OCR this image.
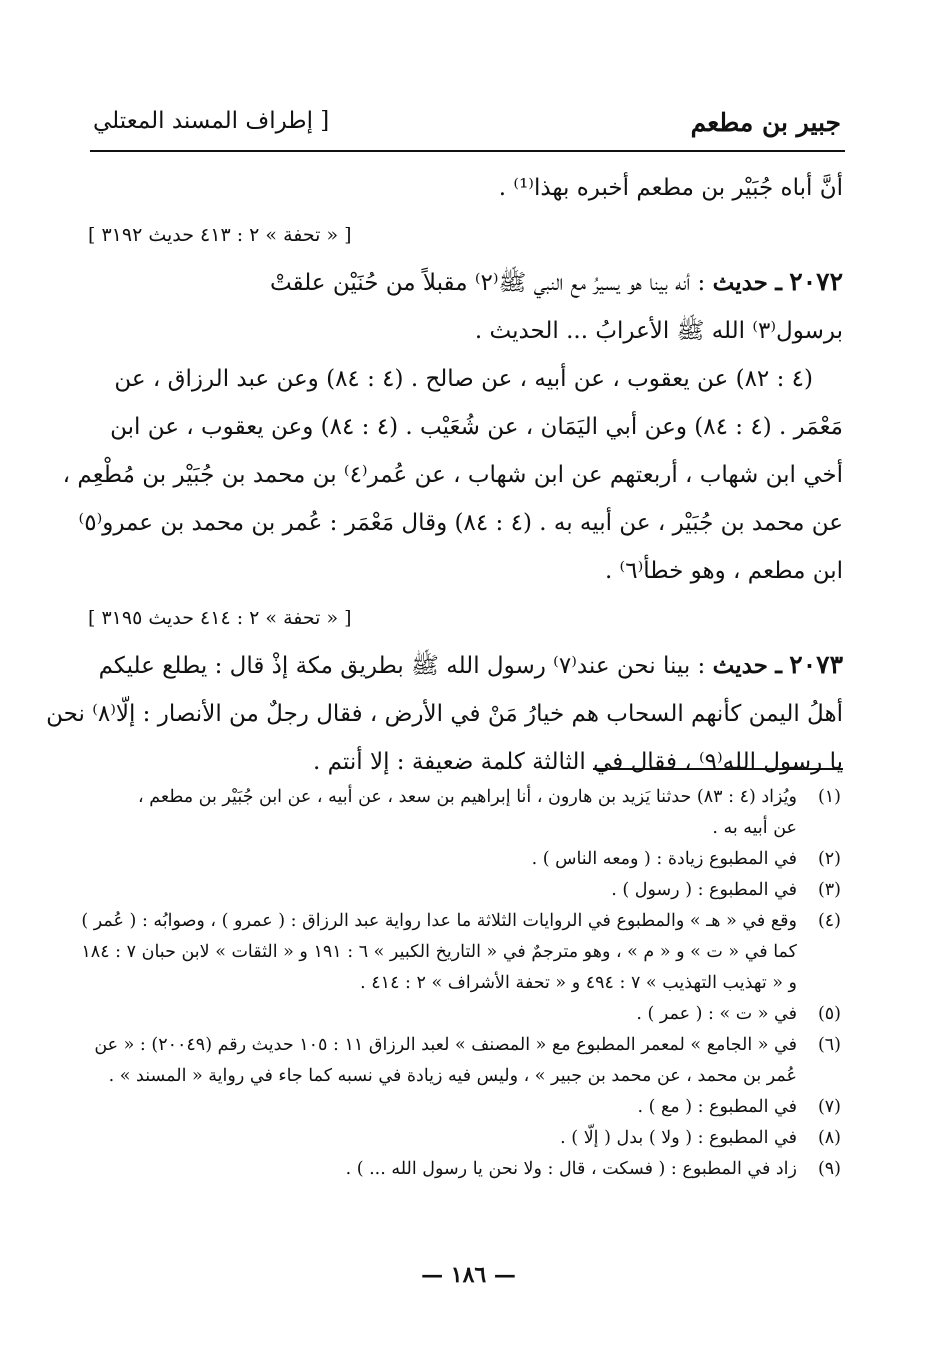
جبير بن مطعم
[ إطراف المسند المعتلي
أنَّ أباه جُبَيْر بن مطعم أخبره بهذا⁽¹⁾ .
[ « تحفة » ٢ : ٤١٣ حديث ٣١٩٢ ]
٢٠٧٢ ـ حديث : أنه بينا هو يسيرُ مع النبي ﷺ⁽٢⁾ مقبلاً من حُنَيْن علقتْ
برسول⁽٣⁾ الله ﷺ الأعرابُ ... الحديث .
(٤ : ٨٢) عن يعقوب ، عن أبيه ، عن صالح . (٤ : ٨٤) وعن عبد الرزاق ، عن
مَعْمَر . (٤ : ٨٤) وعن أبي اليَمَان ، عن شُعَيْب . (٤ : ٨٤) وعن يعقوب ، عن ابن
أخي ابن شهاب ، أربعتهم عن ابن شهاب ، عن عُمر⁽٤⁾ بن محمد بن جُبَيْر بن مُطْعِم ،
عن محمد بن جُبَيْر ، عن أبيه به . (٤ : ٨٤) وقال مَعْمَر : عُمر بن محمد بن عمرو⁽٥⁾
ابن مطعم ، وهو خطأ⁽٦⁾ .
[ « تحفة » ٢ : ٤١٤ حديث ٣١٩٥ ]
٢٠٧٣ ـ حديث : بينا نحن عند⁽٧⁾ رسول الله ﷺ بطريق مكة إذْ قال : يطلع عليكم
أهلُ اليمن كأنهم السحاب هم خيارُ مَنْ في الأرض ، فقال رجلٌ من الأنصار : إلّا⁽٨⁾ نحن
يا رسول الله⁽٩⁾ ، فقال في الثالثة كلمة ضعيفة : إلا أنتم .
(١)
ويُزاد (٤ : ٨٣) حدثنا يَزيد بن هارون ، أنا إبراهيم بن سعد ، عن أبيه ، عن ابن جُبَيْر بن مطعم ،
عن أبيه به .
(٢)
في المطبوع زيادة : ( ومعه الناس ) .
(٣)
في المطبوع : ( رسول ) .
(٤)
وقع في « هـ » والمطبوع في الروايات الثلاثة ما عدا رواية عبد الرزاق : ( عمرو ) ، وصوابُه : ( عُمر )
كما في « ت » و « م » ، وهو مترجمٌ في « التاريخ الكبير » ٦ : ١٩١ و « الثقات » لابن حبان ٧ : ١٨٤
و « تهذيب التهذيب » ٧ : ٤٩٤ و « تحفة الأشراف » ٢ : ٤١٤ .
(٥)
في « ت » : ( عمر ) .
(٦)
في « الجامع » لمعمر المطبوع مع « المصنف » لعبد الرزاق ١١ : ١٠٥ حديث رقم (٢٠٠٤٩) : « عن
عُمر بن محمد ، عن محمد بن جبير » ، وليس فيه زيادة في نسبه كما جاء في رواية « المسند » .
(٧)
في المطبوع : ( مع ) .
(٨)
في المطبوع : ( ولا ) بدل ( إلّا ) .
(٩)
زاد في المطبوع : ( فسكت ، قال : ولا نحن يا رسول الله ... ) .
— ١٨٦ —
